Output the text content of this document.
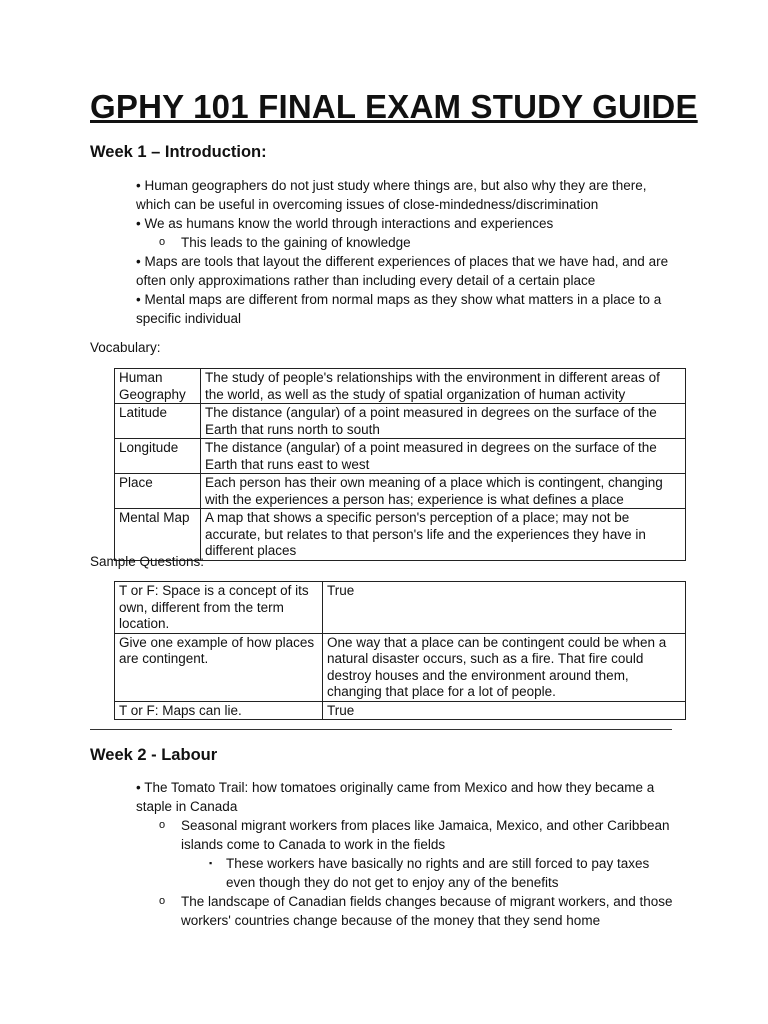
GPHY 101 FINAL EXAM STUDY GUIDE
Week 1 – Introduction:
• Human geographers do not just study where things are, but also why they are there, which can be useful in overcoming issues of close-mindedness/discrimination
• We as humans know the world through interactions and experiences
o This leads to the gaining of knowledge
• Maps are tools that layout the different experiences of places that we have had, and are often only approximations rather than including every detail of a certain place
• Mental maps are different from normal maps as they show what matters in a place to a specific individual
Vocabulary:
Human Geography	The study of people's relationships with the environment in different areas of the world, as well as the study of spatial organization of human activity
Latitude	The distance (angular) of a point measured in degrees on the surface of the Earth that runs north to south
Longitude	The distance (angular) of a point measured in degrees on the surface of the Earth that runs east to west
Place	Each person has their own meaning of a place which is contingent, changing with the experiences a person has; experience is what defines a place
Mental Map	A map that shows a specific person's perception of a place; may not be accurate, but relates to that person's life and the experiences they have in different places
Sample Questions:
T or F: Space is a concept of its own, different from the term location.	True
Give one example of how places are contingent.	One way that a place can be contingent could be when a natural disaster occurs, such as a fire. That fire could destroy houses and the environment around them, changing that place for a lot of people.
T or F: Maps can lie.	True
Week 2 - Labour
• The Tomato Trail: how tomatoes originally came from Mexico and how they became a staple in Canada
o Seasonal migrant workers from places like Jamaica, Mexico, and other Caribbean islands come to Canada to work in the fields
▪ These workers have basically no rights and are still forced to pay taxes even though they do not get to enjoy any of the benefits
o The landscape of Canadian fields changes because of migrant workers, and those workers' countries change because of the money that they send home
